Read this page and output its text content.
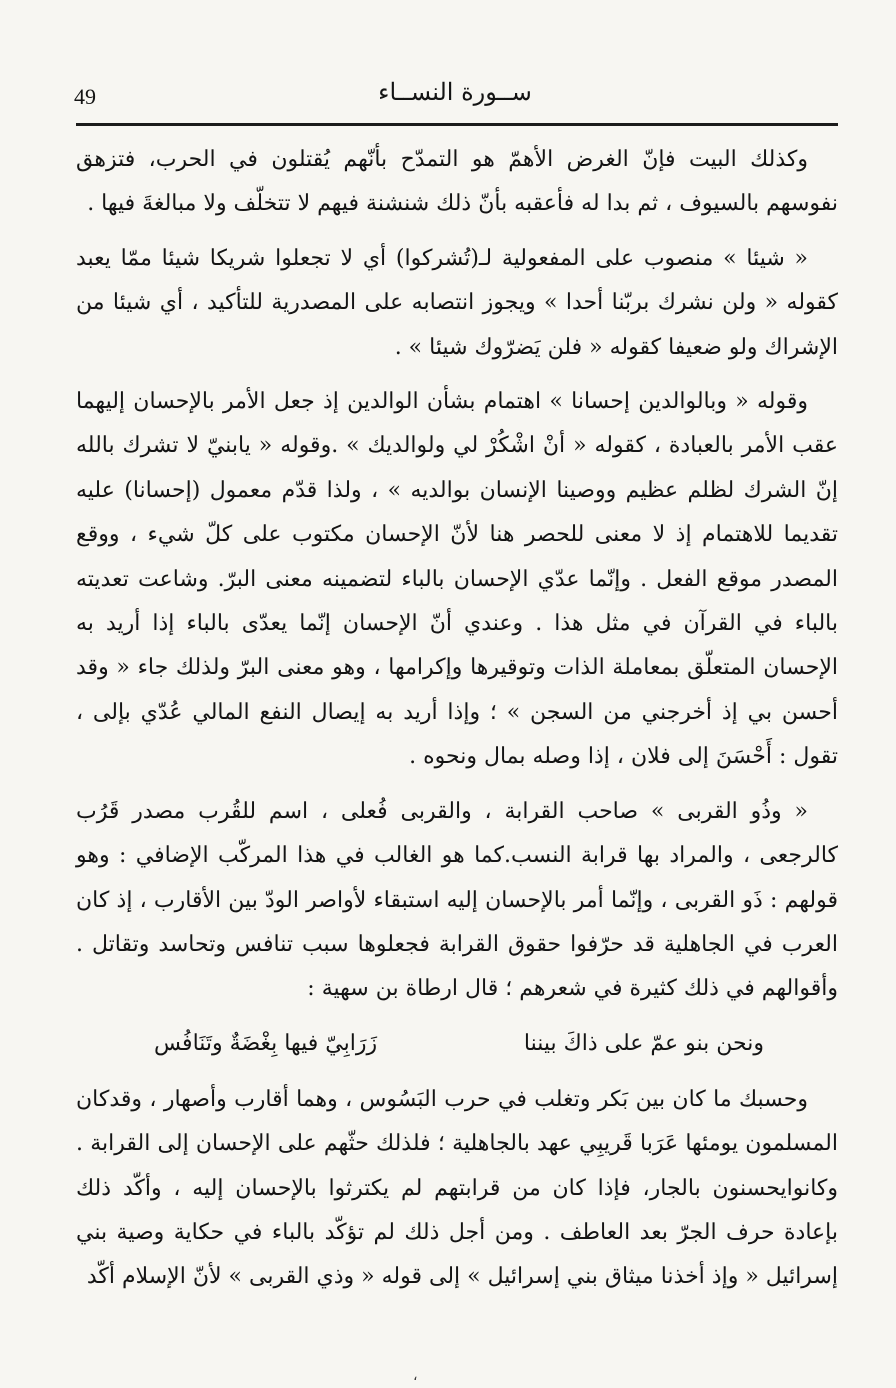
49	ســورة النســاء

وكذلك البيت فإنّ الغرض الأهمّ هو التمدّح بأنّهم يُقتلون في الحرب، فتزهق نفوسهم بالسيوف ، ثم بدا له فأعقبه بأنّ ذلك شنشنة فيهم لا تتخلّف ولا مبالغةَ فيها .

« شيئا » منصوب على المفعولية لـ(تُشركوا) أي لا تجعلوا شريكا شيئا ممّا يعبد كقوله « ولن نشرك بربّنا أحدا » ويجوز انتصابه على المصدرية للتأكيد ، أي شيئا من الإشراك ولو ضعيفا كقوله « فلن يَضرّوك شيئا » .

وقوله « وبالوالدين إحسانا » اهتمام بشأن الوالدين إذ جعل الأمر بالإحسان إليهما عقب الأمر بالعبادة ، كقوله « أنْ اشْكُرْ لي ولوالديك » .وقوله « يابنيّ لا تشرك بالله إنّ الشرك لظلم عظيم ووصينا الإنسان بوالديه » ، ولذا قدّم معمول (إحسانا) عليه تقديما للاهتمام إذ لا معنى للحصر هنا لأنّ الإحسان مكتوب على كلّ شيء ، ووقع المصدر موقع الفعل . وإنّما عدّي الإحسان بالباء لتضمينه معنى البرّ. وشاعت تعديته بالباء في القرآن في مثل هذا . وعندي أنّ الإحسان إنّما يعدّى بالباء إذا أريد به الإحسان المتعلّق بمعاملة الذات وتوقيرها وإكرامها ، وهو معنى البرّ ولذلك جاء « وقد أحسن بي إذ أخرجني من السجن » ؛ وإذا أريد به إيصال النفع المالي عُدّي بإلى ، تقول : أَحْسَنَ إلى فلان ، إذا وصله بمال ونحوه .

« وذُو القربى » صاحب القرابة ، والقربى فُعلى ، اسم للقُرب مصدر قَرُب كالرجعى ، والمراد بها قرابة النسب.كما هو الغالب في هذا المركّب الإضافي : وهو قولهم : ذَو القربى ، وإنّما أمر بالإحسان إليه استبقاء لأواصر الودّ بين الأقارب ، إذ كان العرب في الجاهلية قد حرّفوا حقوق القرابة فجعلوها سبب تنافس وتحاسد وتقاتل . وأقوالهم في ذلك كثيرة في شعرهم ؛ قال ارطاة بن سهية :

ونحن بنو عمّ على ذاكَ بيننا
زَرَابِيّ فيها بِغْضَةٌ وتَنَافُس

وحسبك ما كان بين بَكر وتغلب في حرب البَسُوس ، وهما أقارب وأصهار ، وقدكان المسلمون يومئها عَرَبا قَريبِي عهد بالجاهلية ؛ فلذلك حثّهم على الإحسان إلى القرابة . وكانوايحسنون بالجار، فإذا كان من قرابتهم لم يكترثوا بالإحسان إليه ، وأكّد ذلك بإعادة حرف الجرّ بعد العاطف . ومن أجل ذلك لم تؤكّد بالباء في حكاية وصية بني إسرائيل « وإذ أخذنا ميثاق بني إسرائيل » إلى قوله « وذي القربى » لأنّ الإسلام أكّد

،
